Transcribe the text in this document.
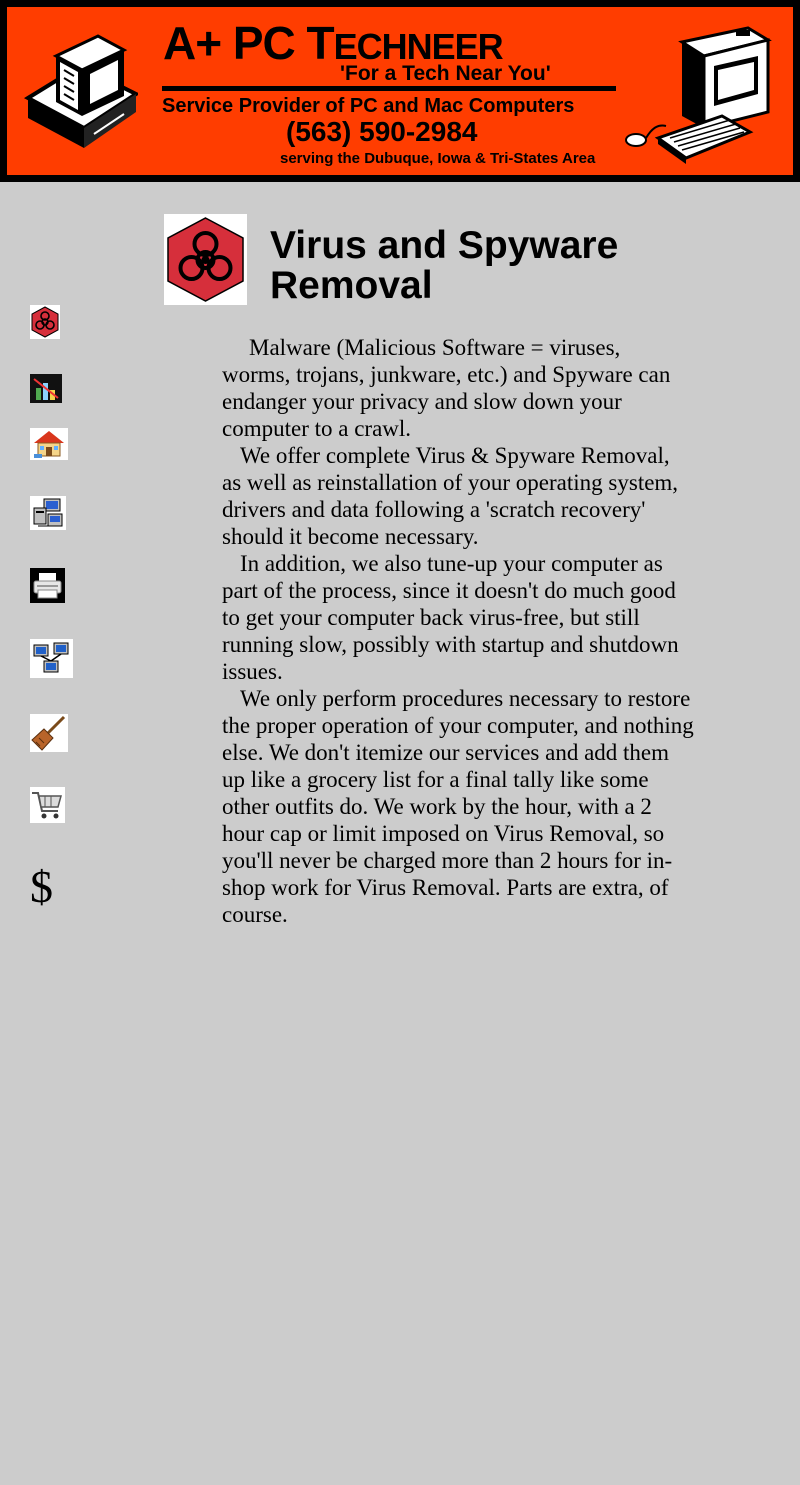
A+ PC TECHNEER
'For a Tech Near You'
Service Provider of PC and Mac Computers
(563) 590-2984
serving the Dubuque, Iowa & Tri-States Area
$
Virus and Spyware Removal

Malware (Malicious Software = viruses, worms, trojans, junkware, etc.) and Spyware can endanger your privacy and slow down your computer to a crawl.

We offer complete Virus & Spyware Removal, as well as reinstallation of your operating system, drivers and data following a 'scratch recovery' should it become necessary.

In addition, we also tune-up your computer as part of the process, since it doesn't do much good to get your computer back virus-free, but still running slow, possibly with startup and shutdown issues.

We only perform procedures necessary to restore the proper operation of your computer, and nothing else. We don't itemize our services and add them up like a grocery list for a final tally like some other outfits do. We work by the hour, with a 2 hour cap or limit imposed on Virus Removal, so you'll never be charged more than 2 hours for in-shop work for Virus Removal. Parts are extra, of course.
